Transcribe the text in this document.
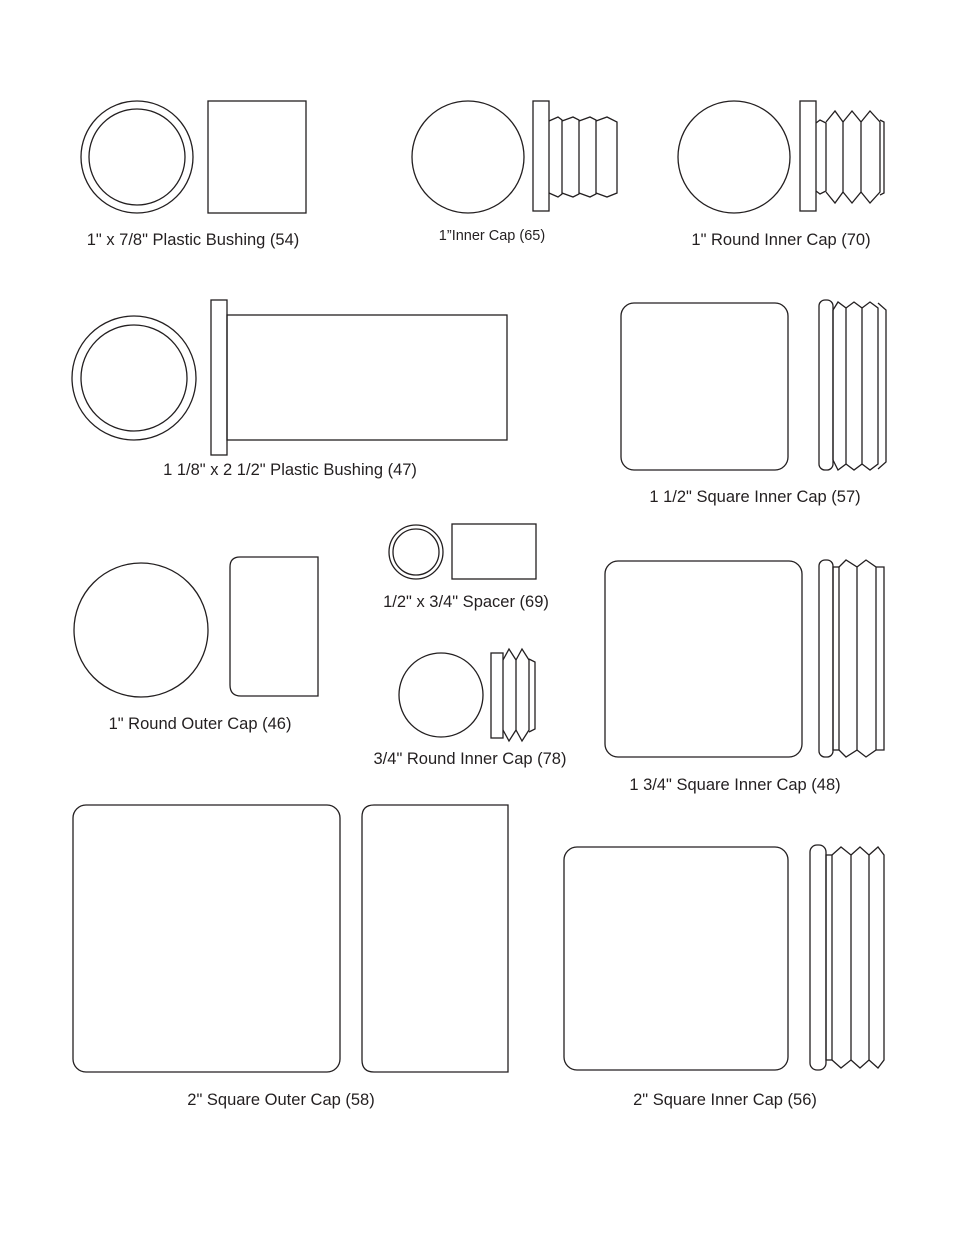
1" x 7/8" Plastic Bushing (54)	1”Inner Cap (65)	1" Round Inner Cap (70)
1 1/8" x 2 1/2" Plastic Bushing (47)
1 1/2" Square Inner Cap (57)
1/2" x 3/4" Spacer (69)
1" Round Outer Cap (46)
3/4" Round Inner Cap (78)
1 3/4" Square Inner Cap (48)
2" Square Outer Cap (58)	2" Square Inner Cap (56)
